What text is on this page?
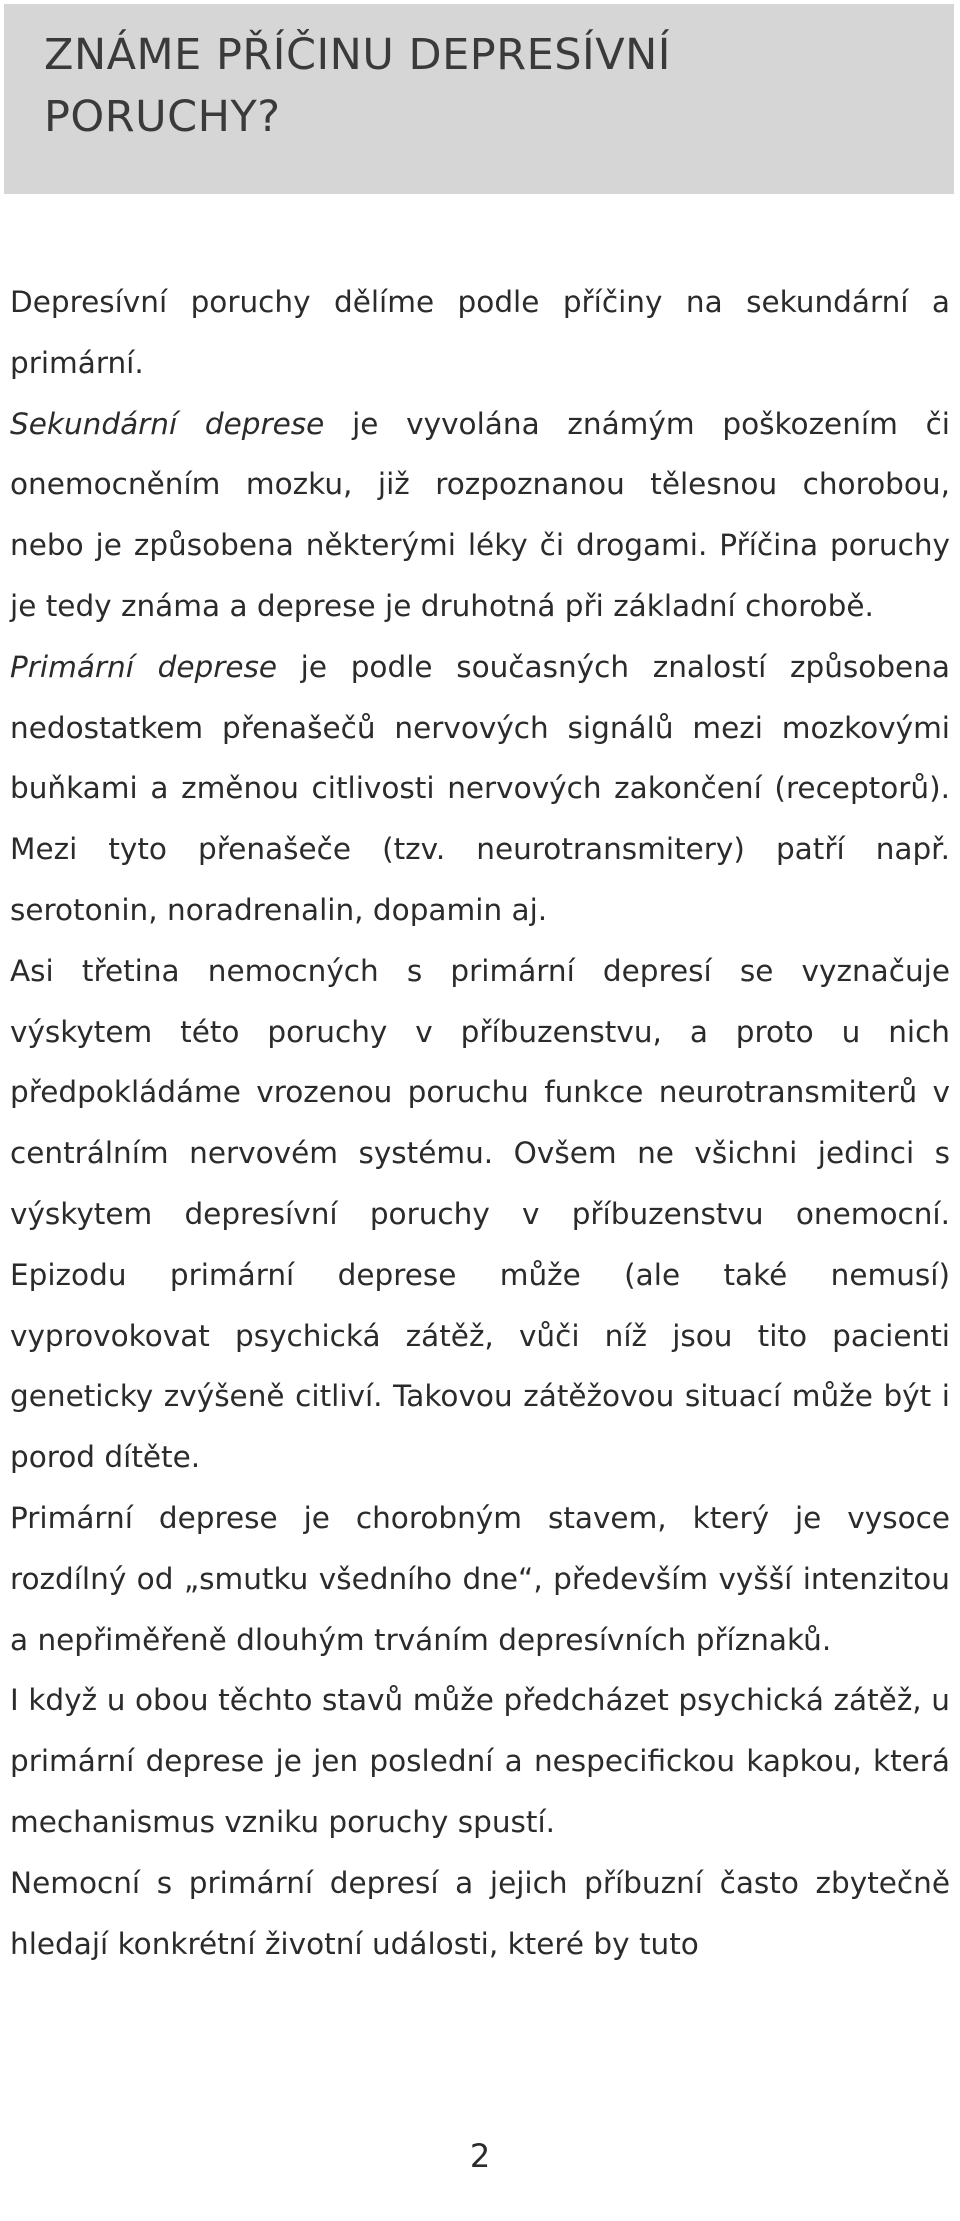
ZNÁME PŘÍČINU DEPRESÍVNÍ
PORUCHY?

Depresívní poruchy dělíme podle příčiny na sekundární a primární.

Sekundární deprese je vyvolána známým poškozením či onemocněním mozku, již rozpoznanou tělesnou chorobou, nebo je způsobena některými léky či drogami. Příčina poruchy je tedy známa a deprese je druhotná při základní chorobě.

Primární deprese je podle současných znalostí způsobena nedostatkem přenašečů nervových signálů mezi mozkovými buňkami a změnou citlivosti nervových zakončení (receptorů). Mezi tyto přenašeče (tzv. neurotransmitery) patří např. serotonin, noradrenalin, dopamin aj.

Asi třetina nemocných s primární depresí se vyznačuje výskytem této poruchy v příbuzenstvu, a proto u nich předpokládáme vrozenou poruchu funkce neurotransmiterů v centrálním nervovém systému. Ovšem ne všichni jedinci s výskytem depresívní poruchy v příbuzenstvu onemocní. Epizodu primární deprese může (ale také nemusí) vyprovokovat psychická zátěž, vůči níž jsou tito pacienti geneticky zvýšeně citliví. Takovou zátěžovou situací může být i porod dítěte.

Primární deprese je chorobným stavem, který je vysoce rozdílný od „smutku všedního dne“, především vyšší intenzitou a nepřiměřeně dlouhým trváním depresívních příznaků.

I když u obou těchto stavů může předcházet psychická zátěž, u primární deprese je jen poslední a nespecifickou kapkou, která mechanismus vzniku poruchy spustí.

Nemocní s primární depresí a jejich příbuzní často zbytečně hledají konkrétní životní události, které by tuto

2
